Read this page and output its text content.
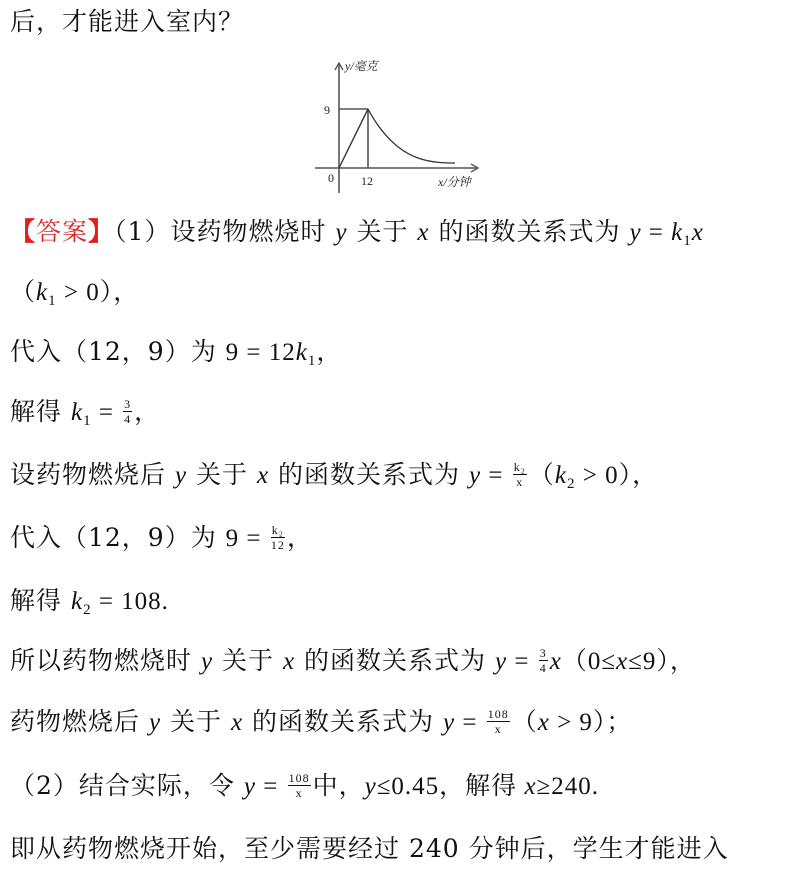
后，才能进入室内？
9
0 12
y/毫克
x/分钟
【答案】（1）设药物燃烧时 y 关于 x 的函数关系式为 $y = k_1x$
$(k_1 > 0)$，
代入（12，9）为 $9 = 12k_1$，
解得 $k_1 = \frac{3}{4}$ ，
设药物燃烧后 y 关于 x 的函数关系式为 $y = \frac{\text{k₂}}{x} (k_2 > 0)$，
代入（12，9）为 $9 = \frac{\text{k₂}}{12}$ ，
解得 $k_2 = 108$.
所以药物燃烧时 y 关于 x 的函数关系式为 $y = \frac{3}{4} x(0\le x\le 9)$，
药物燃烧后 y 关于 x 的函数关系式为 $y = \frac{108}{x} (x > 9)$；
（2）结合实际，令 $y = \frac{108}{x}$ 中，y≤0.45，解得 x≥240.
即从药物燃烧开始，至少需要经过 240 分钟后，学生才能进入
